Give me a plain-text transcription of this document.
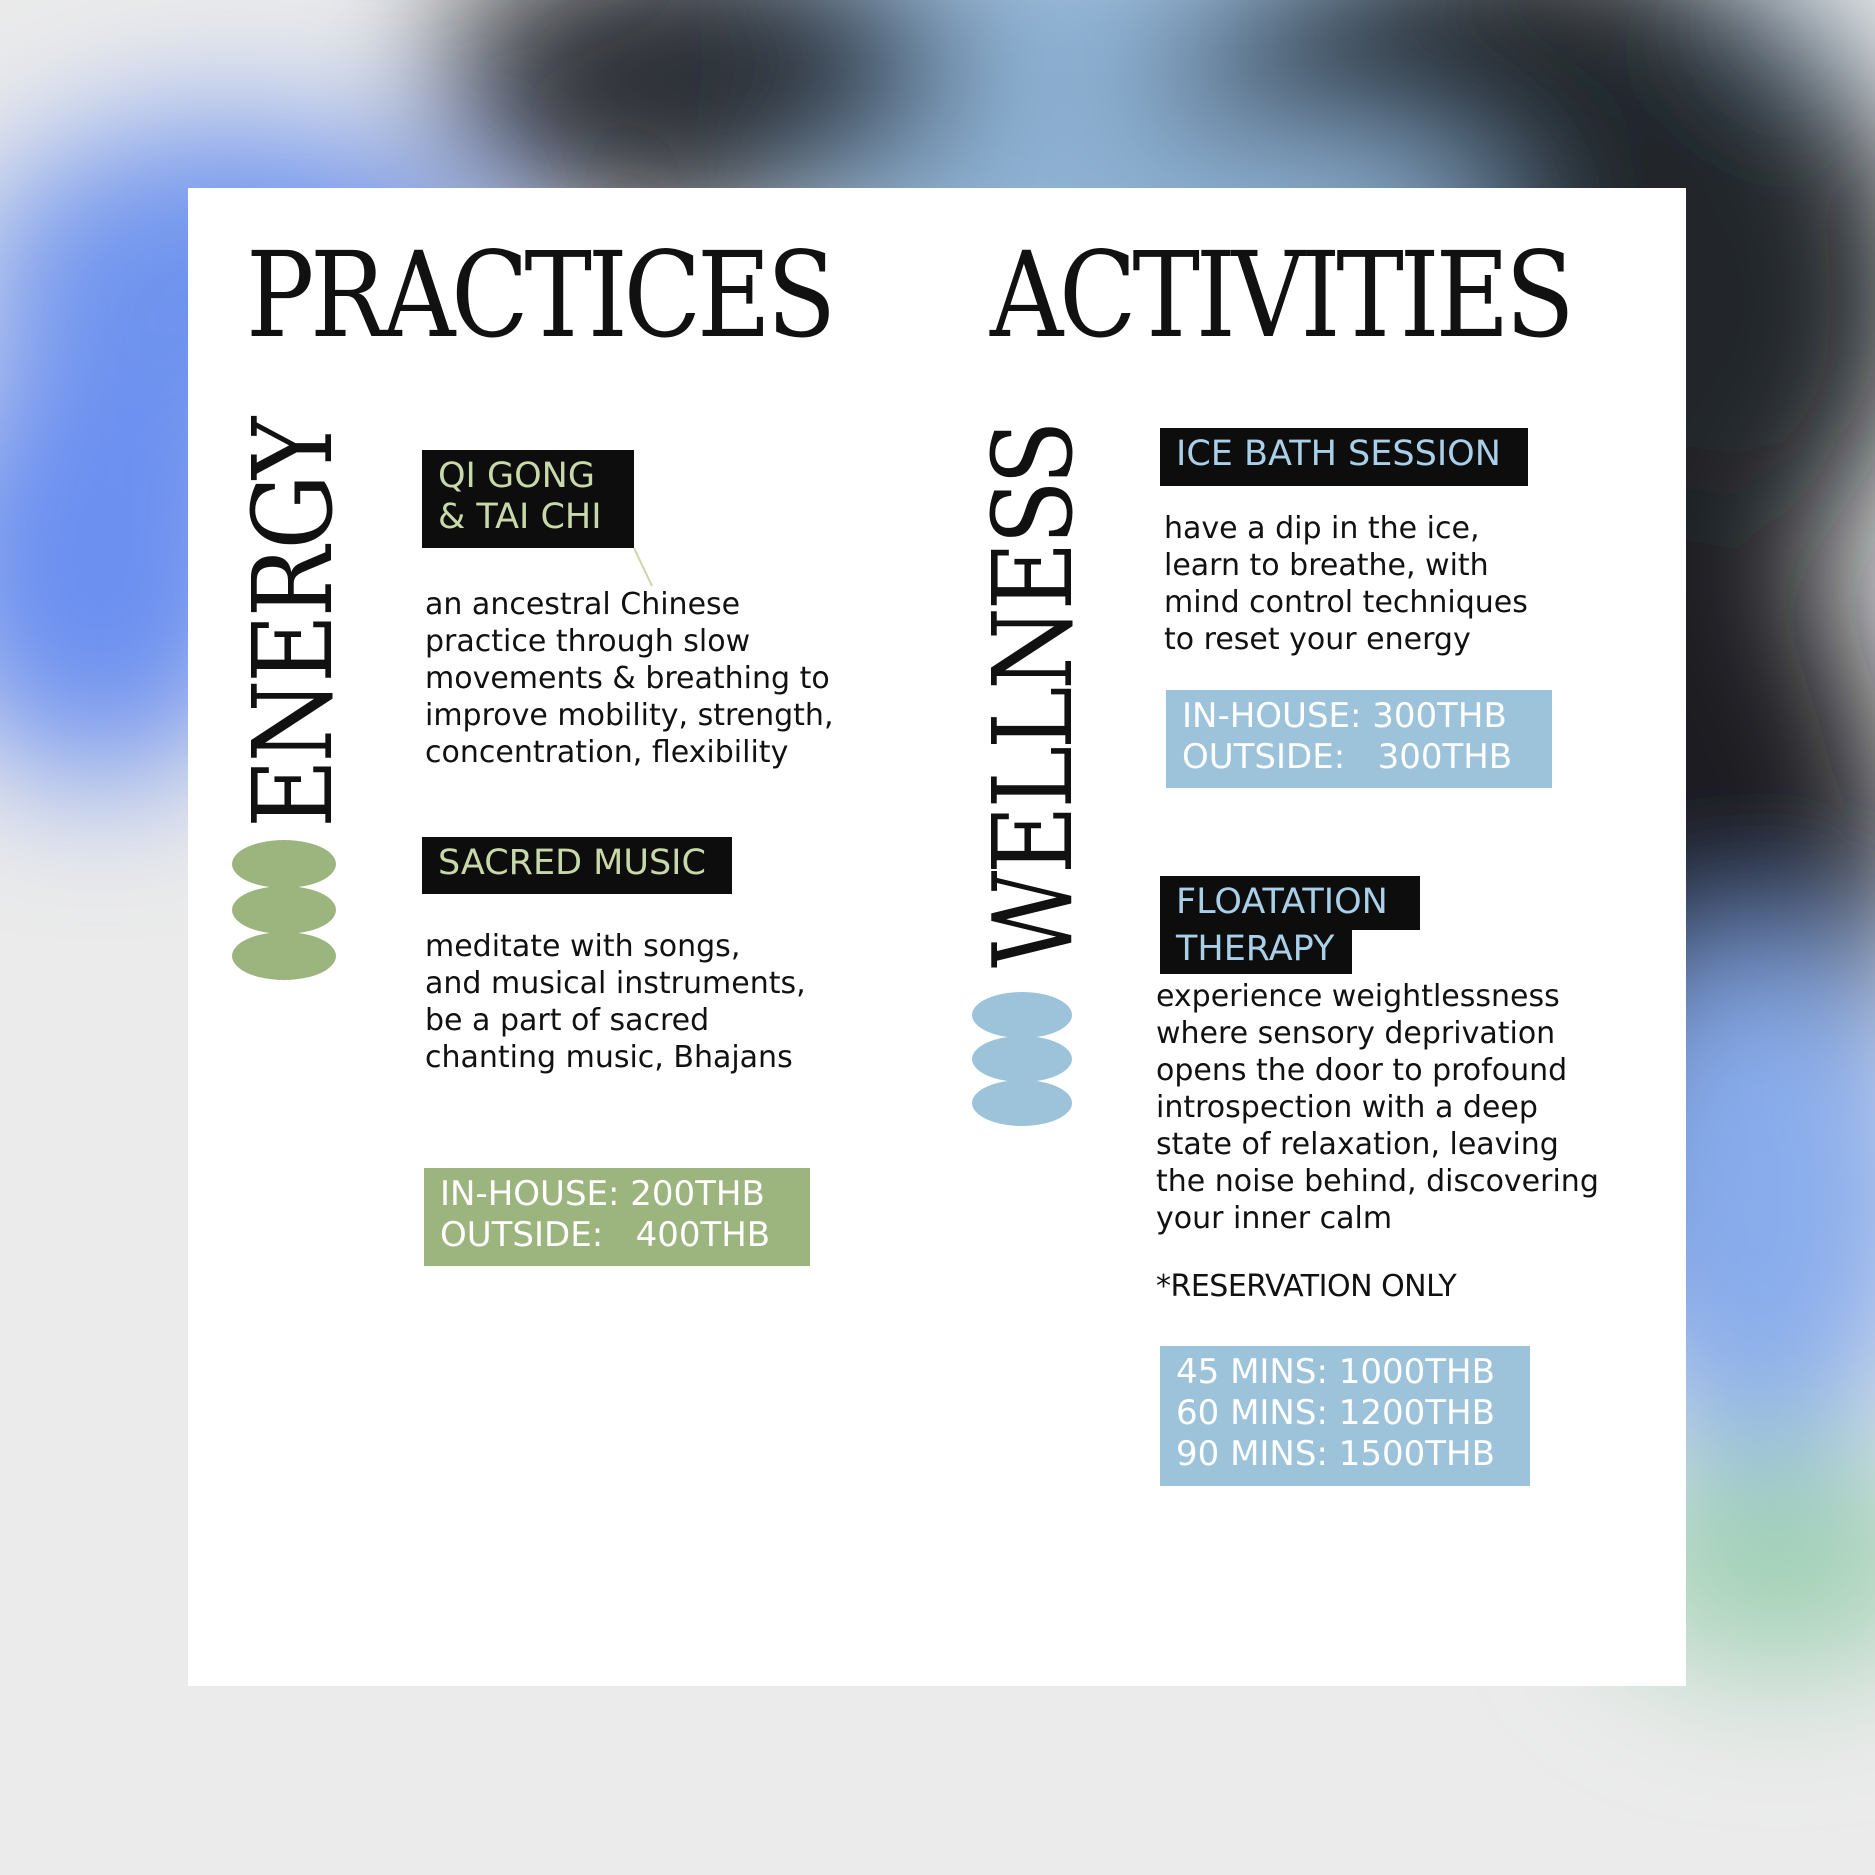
PRACTICES
ENERGY	QI GONG
& TAI CHI
an ancestral Chinese
practice through slow
movements & breathing to
improve mobility, strength,
concentration, flexibility
SACRED MUSIC
meditate with songs,
and musical instruments,
be a part of sacred
chanting music, Bhajans
IN-HOUSE: 200THB
OUTSIDE:   400THB
ACTIVITIES
WELLNESS	ICE BATH SESSION
have a dip in the ice,
learn to breathe, with
mind control techniques
to reset your energy
IN-HOUSE: 300THB
OUTSIDE:   300THB
FLOATATION
THERAPY
experience weightlessness
where sensory deprivation
opens the door to profound
introspection with a deep
state of relaxation, leaving
the noise behind, discovering
your inner calm
*RESERVATION ONLY
45 MINS: 1000THB
60 MINS: 1200THB
90 MINS: 1500THB
